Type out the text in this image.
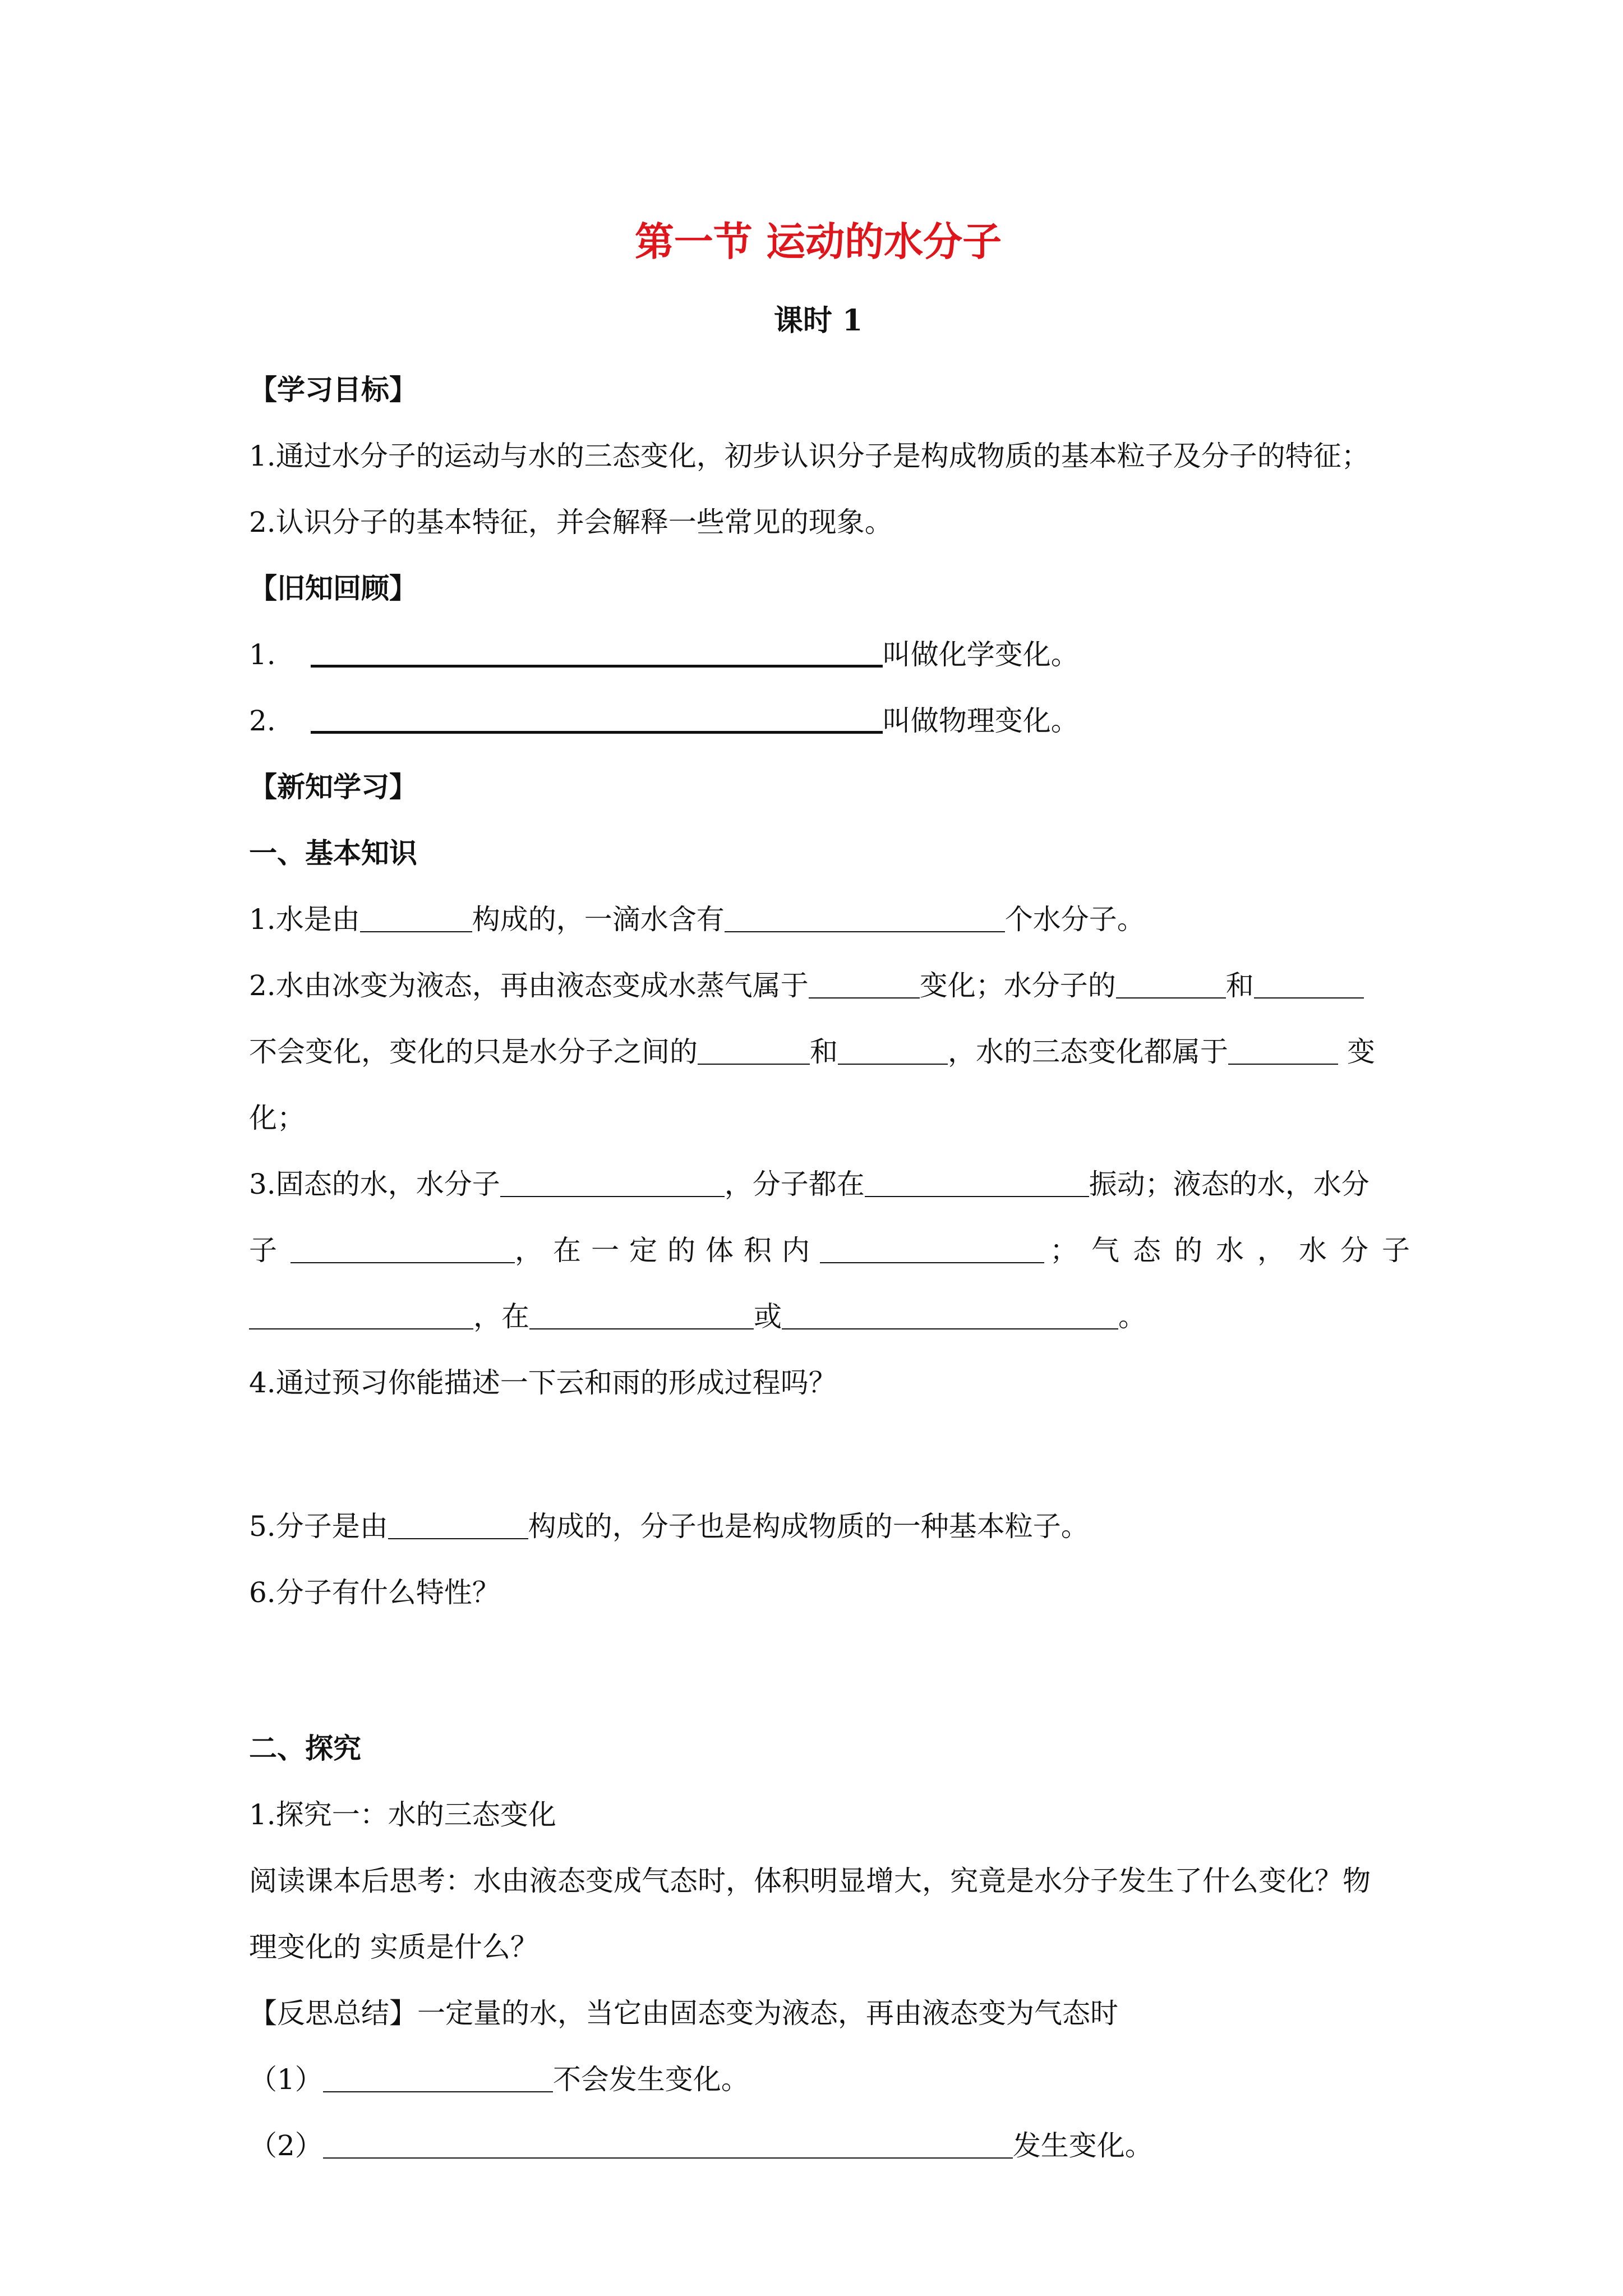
第一节 运动的水分子
课时 1
【学习目标】
1.通过水分子的运动与水的三态变化，初步认识分子是构成物质的基本粒子及分子的特征；
2.认识分子的基本特征，并会解释一些常见的现象。
【旧知回顾】
1.	叫做化学变化。
2.	叫做物理变化。
【新知学习】
一、基本知识
1.水是由	构成的，一滴水含有	个水分子。
2.水由冰变为液态，再由液态变成水蒸气属于	变化；水分子的	和
不会变化，变化的只是水分子之间的	和	，水的三态变化都属于	变
化；
3.固态的水，水分子	，分子都在	振动；液态的水，水分
子	，在一定的体积内	；气态的水，水分子
，在	或	。
4.通过预习你能描述一下云和雨的形成过程吗？
5.分子是由	构成的，分子也是构成物质的一种基本粒子。
6.分子有什么特性？
二、探究
1.探究一：水的三态变化
阅读课本后思考：水由液态变成气态时，体积明显增大，究竟是水分子发生了什么变化？物
理变化的 实质是什么？
【反思总结】一定量的水，当它由固态变为液态，再由液态变为气态时
（1）	不会发生变化。
（2）	发生变化。
